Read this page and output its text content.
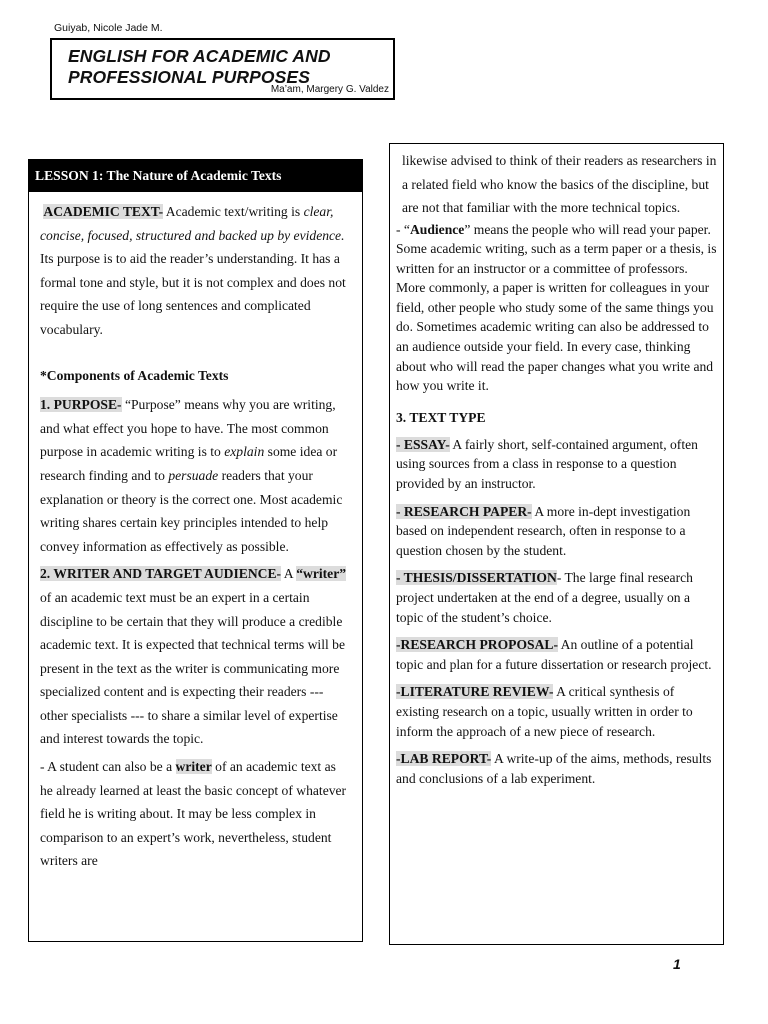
Guiyab, Nicole Jade M.
ENGLISH FOR ACADEMIC AND
PROFESSIONAL PURPOSES
Ma’am, Margery G. Valdez
LESSON 1: The Nature of Academic Texts

ACADEMIC TEXT- Academic text/writing is clear, concise, focused, structured and backed up by evidence. Its purpose is to aid the reader’s understanding. It has a formal tone and style, but it is not complex and does not require the use of long sentences and complicated vocabulary.

*Components of Academic Texts

1. PURPOSE- “Purpose” means why you are writing, and what effect you hope to have. The most common purpose in academic writing is to explain some idea or research finding and to persuade readers that your explanation or theory is the correct one. Most academic writing shares certain key principles intended to help convey information as effectively as possible.

2. WRITER AND TARGET AUDIENCE- A “writer” of an academic text must be an expert in a certain discipline to be certain that they will produce a credible academic text. It is expected that technical terms will be present in the text as the writer is communicating more specialized content and is expecting their readers --- other specialists --- to share a similar level of expertise and interest towards the topic.

- A student can also be a writer of an academic text as he already learned at least the basic concept of whatever field he is writing about. It may be less complex in comparison to an expert’s work, nevertheless, student writers are

likewise advised to think of their readers as researchers in a related field who know the basics of the discipline, but are not that familiar with the more technical topics.

- “Audience” means the people who will read your paper. Some academic writing, such as a term paper or a thesis, is written for an instructor or a committee of professors. More commonly, a paper is written for colleagues in your field, other people who study some of the same things you do. Sometimes academic writing can also be addressed to an audience outside your field. In every case, thinking about who will read the paper changes what you write and how you write it.

3. TEXT TYPE

- ESSAY- A fairly short, self-contained argument, often using sources from a class in response to a question provided by an instructor.

- RESEARCH PAPER- A more in-dept investigation based on independent research, often in response to a question chosen by the student.

- THESIS/DISSERTATION- The large final research project undertaken at the end of a degree, usually on a topic of the student’s choice.

-RESEARCH PROPOSAL- An outline of a potential topic and plan for a future dissertation or research project.

-LITERATURE REVIEW- A critical synthesis of existing research on a topic, usually written in order to inform the approach of a new piece of research.

-LAB REPORT- A write-up of the aims, methods, results and conclusions of a lab experiment.

1
